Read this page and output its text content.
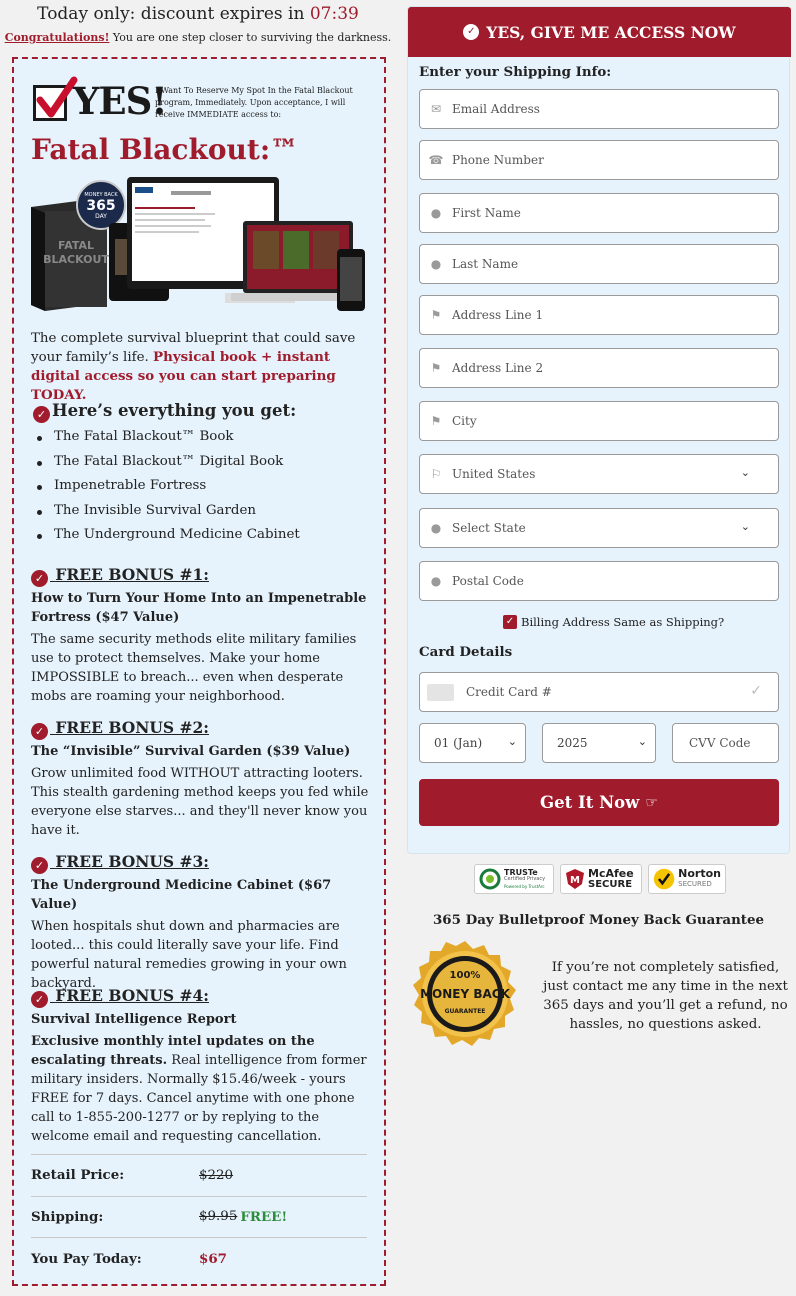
Today only: discount expires in 07:39
Congratulations! You are one step closer to surviving the darkness.
YES!
I Want To Reserve My Spot In the Fatal Blackout program, Immediately. Upon acceptance, I will receive IMMEDIATE access to:
Fatal Blackout:™
FATAL
BLACKOUT
MONEY BACK
365
DAY
The complete survival blueprint that could save your family’s life. Physical book + instant digital access so you can start preparing TODAY.
✓ Here’s everything you get:
The Fatal Blackout™ Book
The Fatal Blackout™ Digital Book
Impenetrable Fortress
The Invisible Survival Garden
The Underground Medicine Cabinet
✓ FREE BONUS #1:
How to Turn Your Home Into an Impenetrable Fortress ($47 Value)
The same security methods elite military families use to protect themselves. Make your home IMPOSSIBLE to breach... even when desperate mobs are roaming your neighborhood.
✓ FREE BONUS #2:
The “Invisible” Survival Garden ($39 Value)
Grow unlimited food WITHOUT attracting looters. This stealth gardening method keeps you fed while everyone else starves... and they'll never know you have it.
✓ FREE BONUS #3:
The Underground Medicine Cabinet ($67 Value)
When hospitals shut down and pharmacies are looted... this could literally save your life. Find powerful natural remedies growing in your own backyard.
✓ FREE BONUS #4:
Survival Intelligence Report
Exclusive monthly intel updates on the escalating threats. Real intelligence from former military insiders. Normally $15.46/week - yours FREE for 7 days. Cancel anytime with one phone call to 1-855-200-1277 or by replying to the welcome email and requesting cancellation.
Retail Price:	$220
Shipping:	$9.95 FREE!
You Pay Today:	$67
✓ YES, GIVE ME ACCESS NOW
Enter your Shipping Info:
✉ Email Address
☎ Phone Number
● First Name
● Last Name
⚑ Address Line 1
⚑ Address Line 2
⚑ City
⚐ United States	⌄
● Select State	⌄
● Postal Code
✓ Billing Address Same as Shipping?
Card Details
Credit Card #	✓
01 (Jan) ⌄	2025	⌄	CVV Code
Get It Now ☞
TRUSTe
Certified Privacy
Powered by TrustArc	M
McAfee
SECURE
Norton
SECURED
365 Day Bulletproof Money Back Guarantee
100%
MONEY BACK
GUARANTEE
If you’re not completely satisfied, just contact me any time in the next 365 days and you’ll get a refund, no hassles, no questions asked.
